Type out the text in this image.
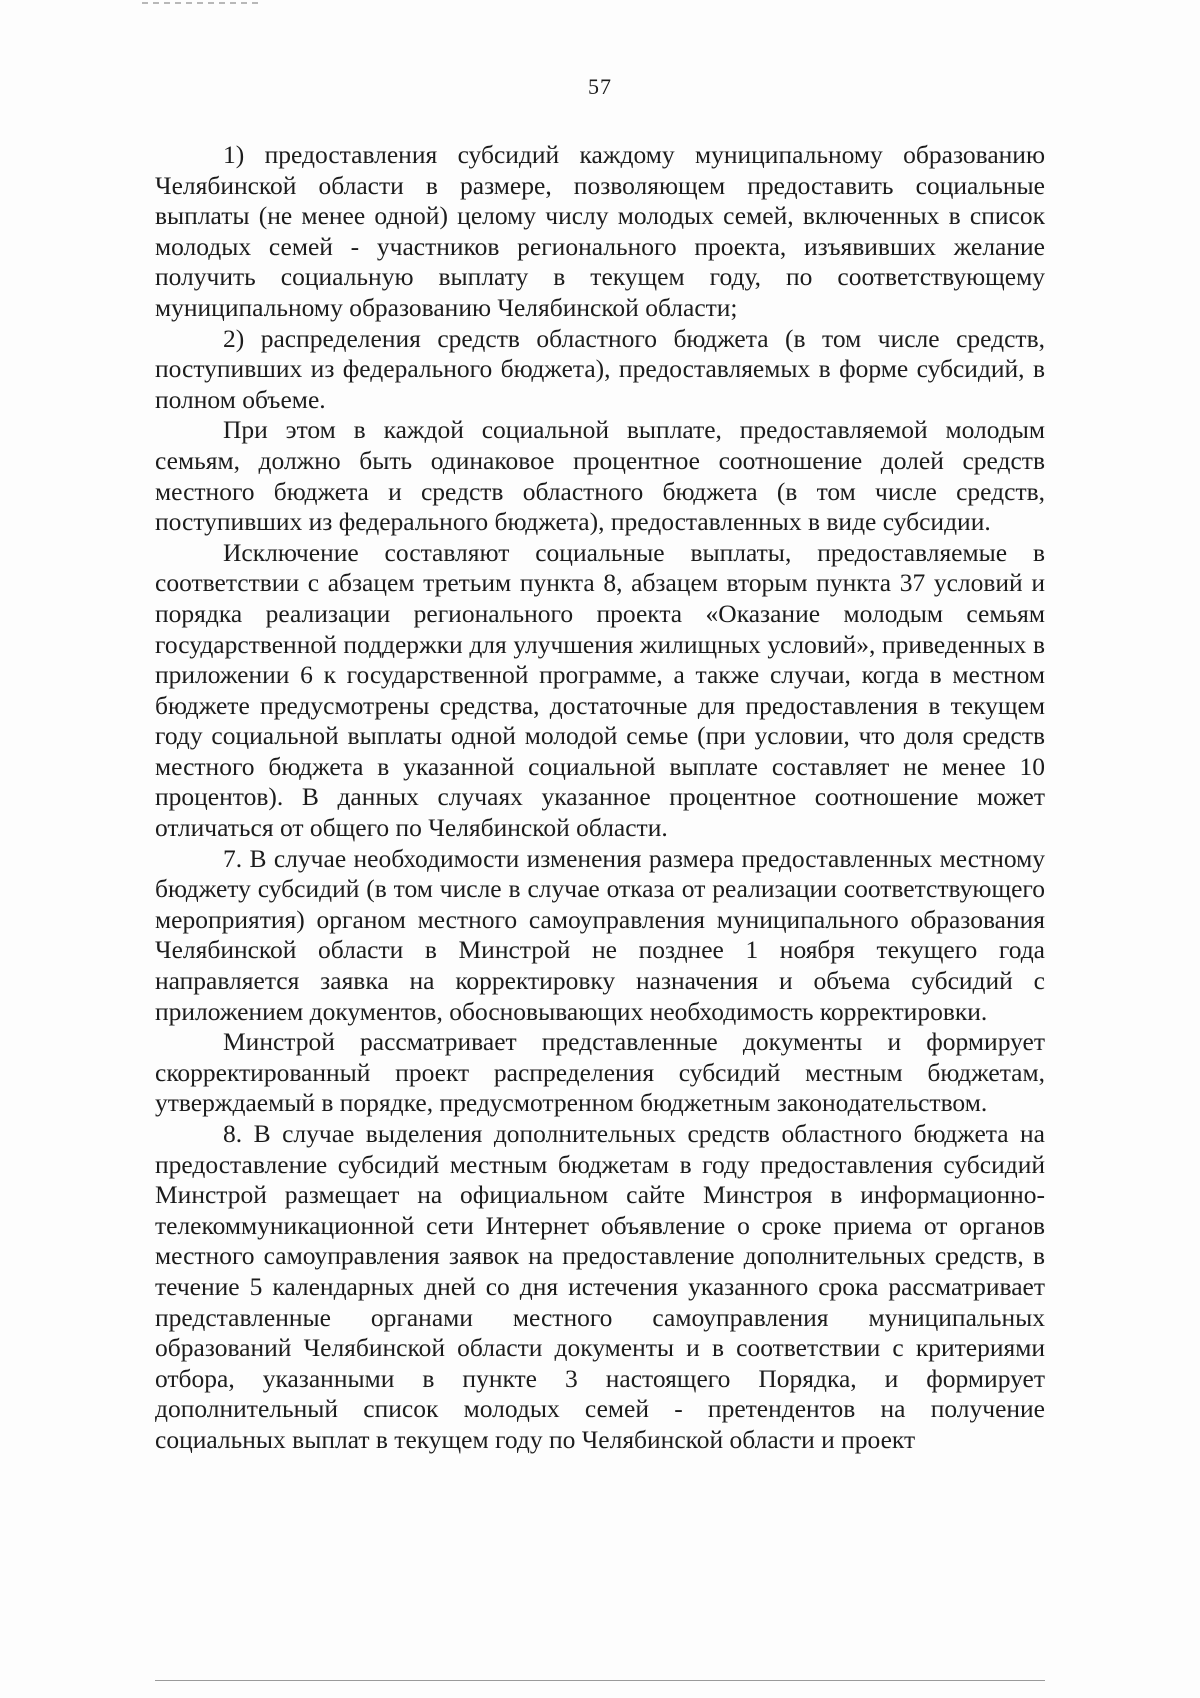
57

1) предоставления субсидий каждому муниципальному образованию Челябинской области в размере, позволяющем предоставить социальные выплаты (не менее одной) целому числу молодых семей, включенных в список молодых семей - участников регионального проекта, изъявивших желание получить социальную выплату в текущем году, по соответствующему муниципальному образованию Челябинской области;

2) распределения средств областного бюджета (в том числе средств, поступивших из федерального бюджета), предоставляемых в форме субсидий, в полном объеме.

При этом в каждой социальной выплате, предоставляемой молодым семьям, должно быть одинаковое процентное соотношение долей средств местного бюджета и средств областного бюджета (в том числе средств, поступивших из федерального бюджета), предоставленных в виде субсидии.

Исключение составляют социальные выплаты, предоставляемые в соответствии с абзацем третьим пункта 8, абзацем вторым пункта 37 условий и порядка реализации регионального проекта «Оказание молодым семьям государственной поддержки для улучшения жилищных условий», приведенных в приложении 6 к государственной программе, а также случаи, когда в местном бюджете предусмотрены средства, достаточные для предоставления в текущем году социальной выплаты одной молодой семье (при условии, что доля средств местного бюджета в указанной социальной выплате составляет не менее 10 процентов). В данных случаях указанное процентное соотношение может отличаться от общего по Челябинской области.

7. В случае необходимости изменения размера предоставленных местному бюджету субсидий (в том числе в случае отказа от реализации соответствующего мероприятия) органом местного самоуправления муниципального образования Челябинской области в Минстрой не позднее 1 ноября текущего года направляется заявка на корректировку назначения и объема субсидий с приложением документов, обосновывающих необходимость корректировки.

Минстрой рассматривает представленные документы и формирует скорректированный проект распределения субсидий местным бюджетам, утверждаемый в порядке, предусмотренном бюджетным законодательством.

8. В случае выделения дополнительных средств областного бюджета на предоставление субсидий местным бюджетам в году предоставления субсидий Минстрой размещает на официальном сайте Минстроя в информационно-телекоммуникационной сети Интернет объявление о сроке приема от органов местного самоуправления заявок на предоставление дополнительных средств, в течение 5 календарных дней со дня истечения указанного срока рассматривает представленные органами местного самоуправления муниципальных образований Челябинской области документы и в соответствии с критериями отбора, указанными в пункте 3 настоящего Порядка, и формирует дополнительный список молодых семей - претендентов на получение социальных выплат в текущем году по Челябинской области и проект
